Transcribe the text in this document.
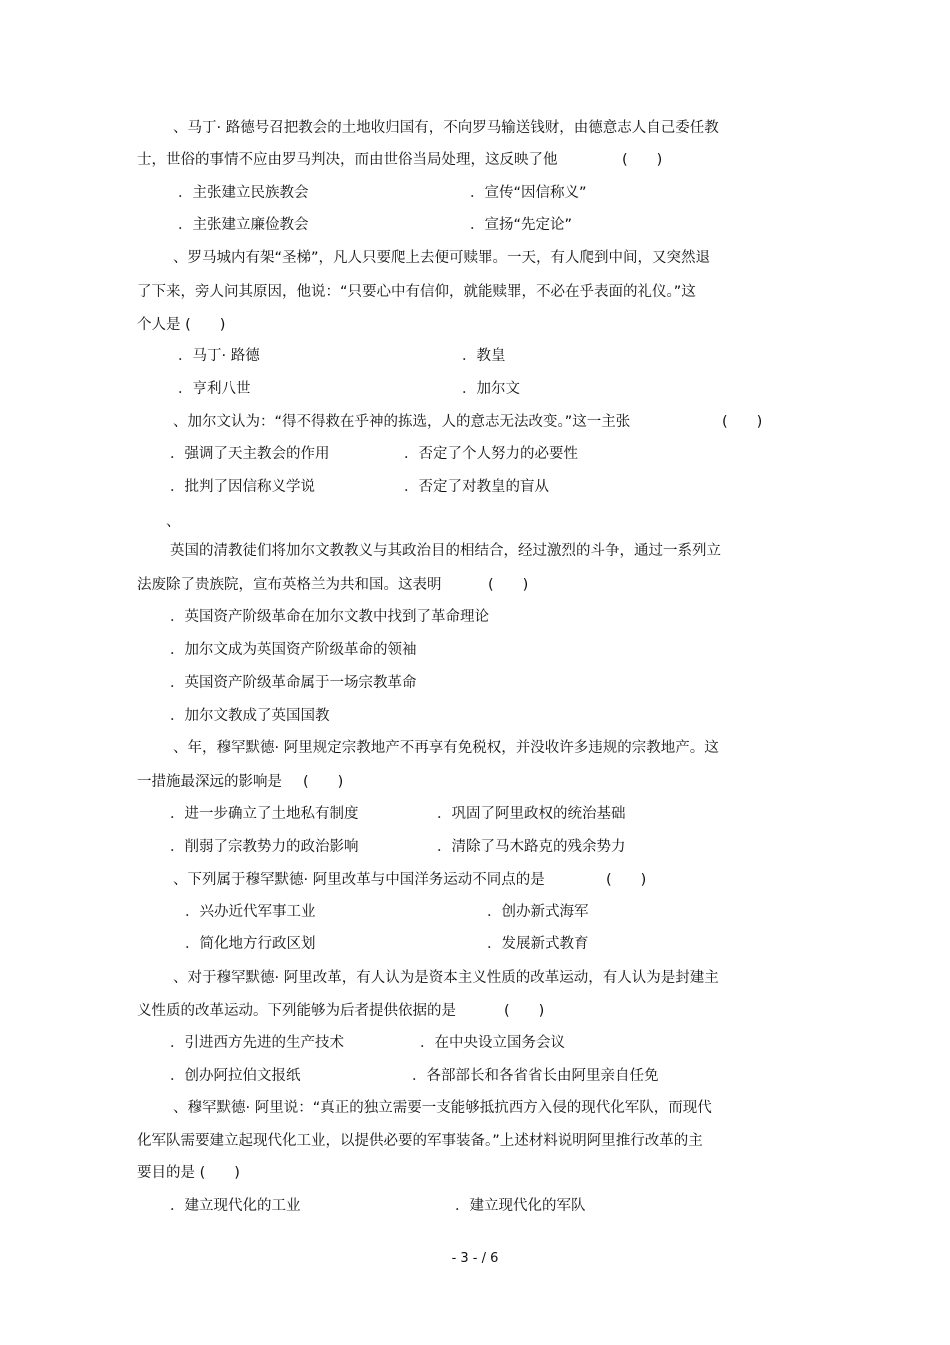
、马丁· 路德号召把教会的土地收归国有，不向罗马输送钱财，由德意志人自己委任教
士，世俗的事情不应由罗马判决，而由世俗当局处理，这反映了他	(　　)
．主张建立民族教会	．宣传“因信称义”
．主张建立廉俭教会	．宣扬“先定论”
、罗马城内有架“圣梯”，凡人只要爬上去便可赎罪。一天，有人爬到中间，又突然退
了下来，旁人问其原因，他说：“只要心中有信仰，就能赎罪，不必在乎表面的礼仪。”这
个人是 (　　)
．马丁· 路德	．教皇
．亨利八世	．加尔文
、加尔文认为：“得不得救在乎神的拣选，人的意志无法改变。”这一主张	(　　)
．强调了天主教会的作用	．否定了个人努力的必要性
．批判了因信称义学说	．否定了对教皇的盲从
、
英国的清教徒们将加尔文教教义与其政治目的相结合，经过激烈的斗争，通过一系列立
法废除了贵族院，宣布英格兰为共和国。这表明	(　　)
．英国资产阶级革命在加尔文教中找到了革命理论
．加尔文成为英国资产阶级革命的领袖
．英国资产阶级革命属于一场宗教革命
．加尔文教成了英国国教
、年，穆罕默德· 阿里规定宗教地产不再享有免税权，并没收许多违规的宗教地产。这
一措施最深远的影响是	(　　)
．进一步确立了土地私有制度	．巩固了阿里政权的统治基础
．削弱了宗教势力的政治影响	．清除了马木路克的残余势力
、下列属于穆罕默德· 阿里改革与中国洋务运动不同点的是	(　　)
．兴办近代军事工业	．创办新式海军
．简化地方行政区划	．发展新式教育
、对于穆罕默德· 阿里改革，有人认为是资本主义性质的改革运动，有人认为是封建主
义性质的改革运动。下列能够为后者提供依据的是	(　　)
．引进西方先进的生产技术	．在中央设立国务会议
．创办阿拉伯文报纸	．各部部长和各省省长由阿里亲自任免
、穆罕默德· 阿里说：“真正的独立需要一支能够抵抗西方入侵的现代化军队，而现代
化军队需要建立起现代化工业，以提供必要的军事装备。”上述材料说明阿里推行改革的主
要目的是 (　　)
．建立现代化的工业	．建立现代化的军队
- 3 - / 6
